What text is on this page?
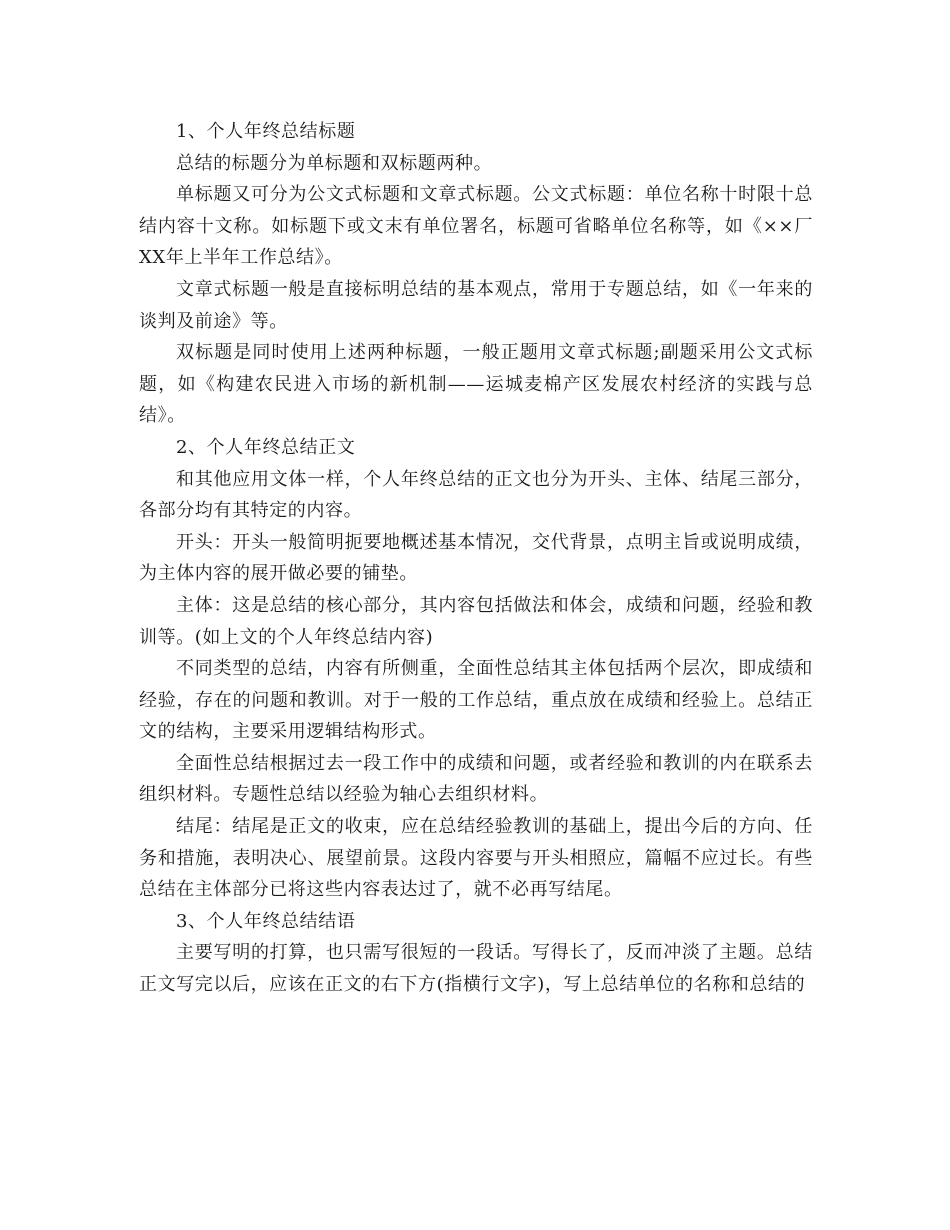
1、个人年终总结标题

总结的标题分为单标题和双标题两种。

单标题又可分为公文式标题和文章式标题。公文式标题：单位名称十时限十总结内容十文称。如标题下或文末有单位署名，标题可省略单位名称等，如《××厂XX年上半年工作总结》。

文章式标题一般是直接标明总结的基本观点，常用于专题总结，如《一年来的谈判及前途》等。

双标题是同时使用上述两种标题，一般正题用文章式标题;副题采用公文式标题，如《构建农民进入市场的新机制——运城麦棉产区发展农村经济的实践与总结》。

2、个人年终总结正文

和其他应用文体一样，个人年终总结的正文也分为开头、主体、结尾三部分，各部分均有其特定的内容。

开头：开头一般简明扼要地概述基本情况，交代背景，点明主旨或说明成绩，为主体内容的展开做必要的铺垫。

主体：这是总结的核心部分，其内容包括做法和体会，成绩和问题，经验和教训等。(如上文的个人年终总结内容)

不同类型的总结，内容有所侧重，全面性总结其主体包括两个层次，即成绩和经验，存在的问题和教训。对于一般的工作总结，重点放在成绩和经验上。总结正文的结构，主要采用逻辑结构形式。

全面性总结根据过去一段工作中的成绩和问题，或者经验和教训的内在联系去组织材料。专题性总结以经验为轴心去组织材料。

结尾：结尾是正文的收束，应在总结经验教训的基础上，提出今后的方向、任务和措施，表明决心、展望前景。这段内容要与开头相照应，篇幅不应过长。有些总结在主体部分已将这些内容表达过了，就不必再写结尾。

3、个人年终总结结语

主要写明的打算，也只需写很短的一段话。写得长了，反而冲淡了主题。总结正文写完以后，应该在正文的右下方(指横行文字)，写上总结单位的名称和总结的
